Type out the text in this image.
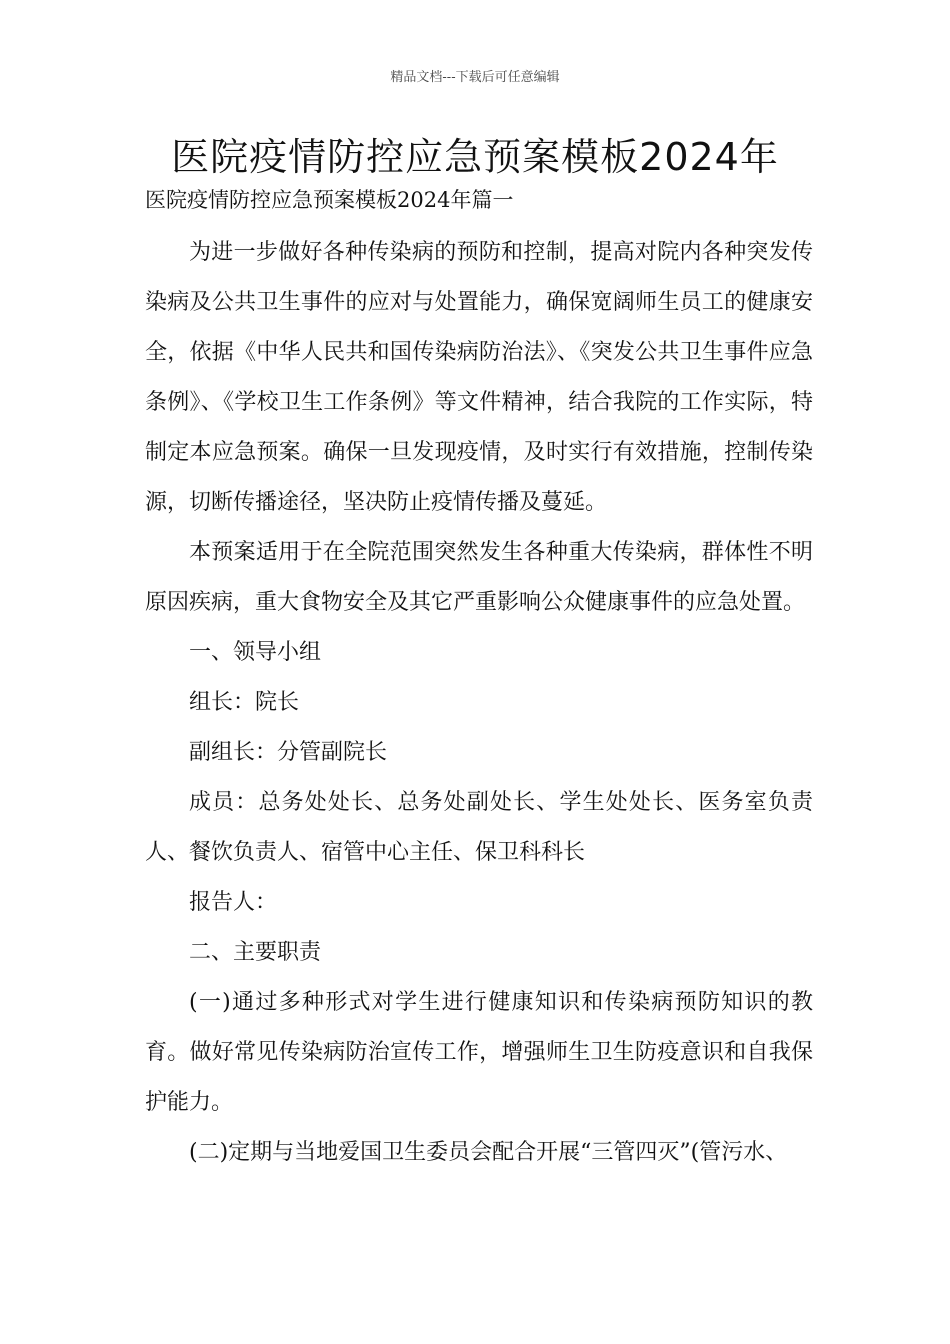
精品文档---下载后可任意编辑
医院疫情防控应急预案模板2024年
医院疫情防控应急预案模板2024年篇一

为进一步做好各种传染病的预防和控制，提高对院内各种突发传染病及公共卫生事件的应对与处置能力，确保宽阔师生员工的健康安全，依据《中华人民共和国传染病防治法》、《突发公共卫生事件应急条例》、《学校卫生工作条例》等文件精神，结合我院的工作实际，特制定本应急预案。确保一旦发现疫情，及时实行有效措施，控制传染源，切断传播途径，坚决防止疫情传播及蔓延。

本预案适用于在全院范围突然发生各种重大传染病，群体性不明原因疾病，重大食物安全及其它严重影响公众健康事件的应急处置。

一、领导小组

组长：院长

副组长：分管副院长

成员：总务处处长、总务处副处长、学生处处长、医务室负责人、餐饮负责人、宿管中心主任、保卫科科长

报告人：

二、主要职责

(一)通过多种形式对学生进行健康知识和传染病预防知识的教育。做好常见传染病防治宣传工作，增强师生卫生防疫意识和自我保护能力。

(二)定期与当地爱国卫生委员会配合开展“三管四灭”(管污水、
